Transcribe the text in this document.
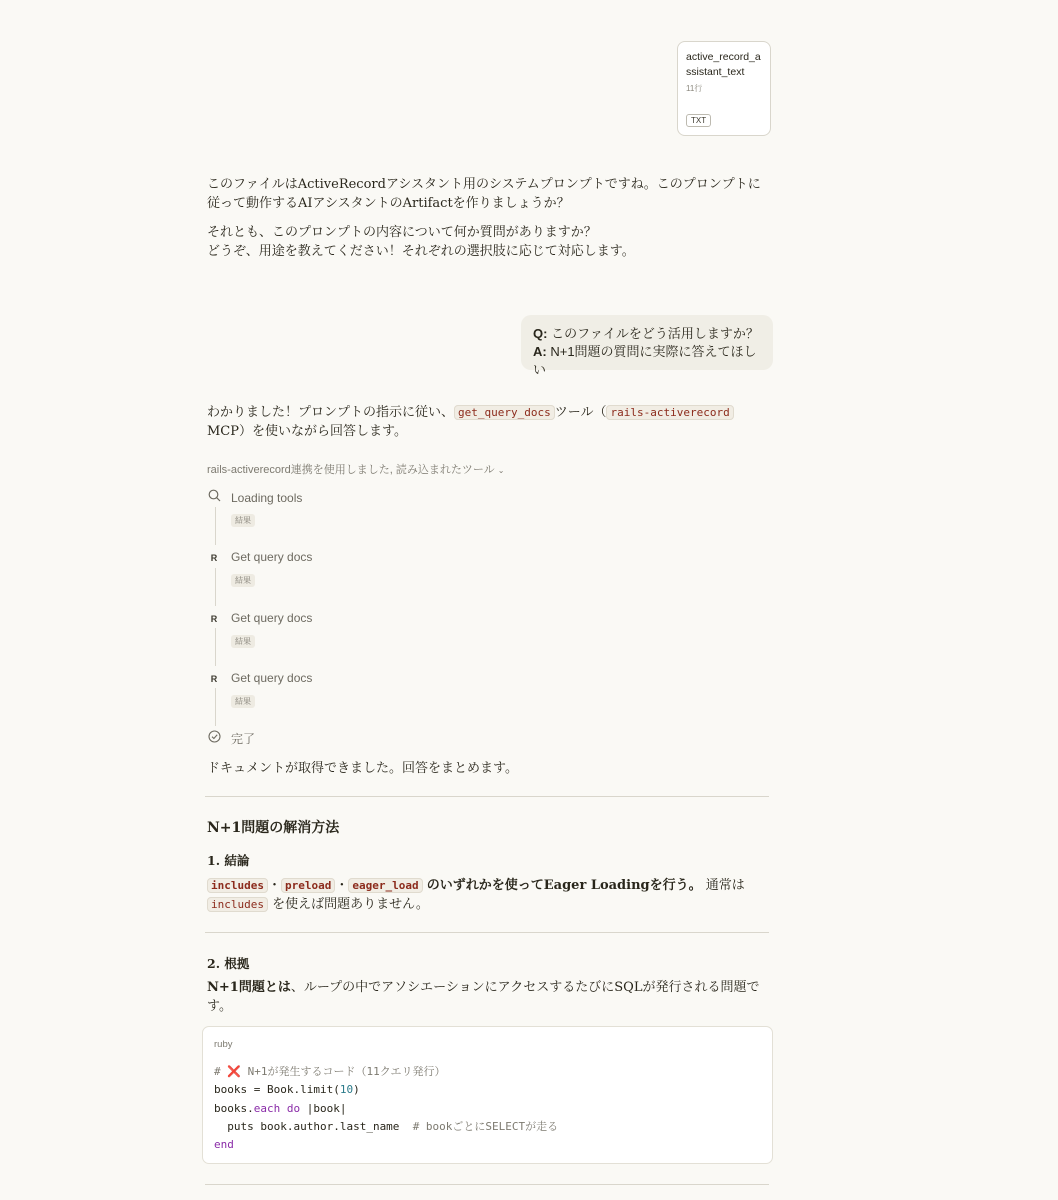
active_record_assistant_text
11行
TXT

このファイルはActiveRecordアシスタント用のシステムプロンプトですね。このプロンプトに従って動作するAIアシスタントのArtifactを作りましょうか？

それとも、このプロンプトの内容について何か質問がありますか？
どうぞ、用途を教えてください！それぞれの選択肢に応じて対応します。

Q: このファイルをどう活用しますか？
A: N+1問題の質問に実際に答えてほしい

わかりました！プロンプトの指示に従い、 get_query_docs ツール（ rails-activerecord
MCP）を使いながら回答します。

rails-activerecord連携を使用しました, 読み込まれたツール ⌄
Loading tools
結果
R Get query docs
結果
R Get query docs
結果
R Get query docs
結果
完了

ドキュメントが取得できました。回答をまとめます。

N+1問題の解消方法
1. 結論

includes ・ preload ・ eager_load のいずれかを使ってEager Loadingを行う。 通常は
includes を使えば問題ありません。

2. 根拠

N+1問題とは、ループの中でアソシエーションにアクセスするたびにSQLが発行される問題です。

ruby
# ❌ N+1が発生するコード（11クエリ発行）
books = Book.limit(10)
books.each do |book|
puts book.author.last_name  # bookごとにSELECTが走る
end
